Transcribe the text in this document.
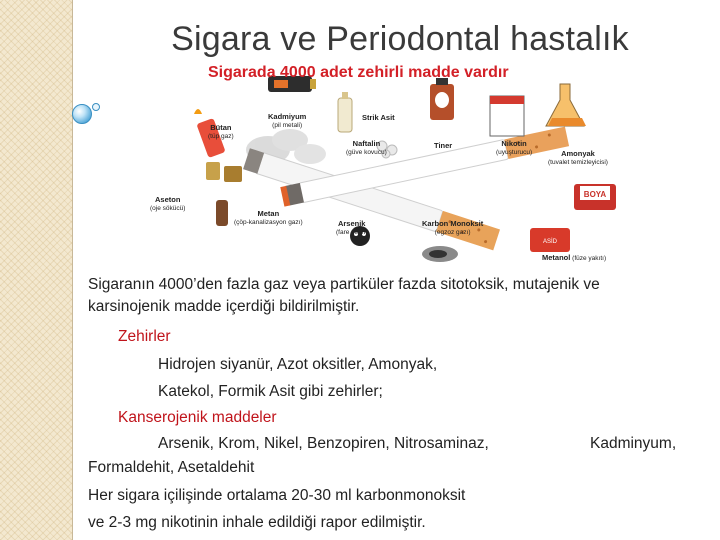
Sigara ve Periodontal hastalık
BOYA
ASİD
Sigarada 4000 adet zehirli madde vardır
Kadmiyum
(pil metali)
Bütan
(tüp gaz)
Strik Asit
Naftalin
(güve kovucu)
Tiner	Nikotin
(uyuşturucu)	Amonyak
(tuvalet temizleyicisi)
Aseton
(oje sökücü)
Metan
(çöp-kanalizasyon gazı)	Arsenik
(fare zehri)
Karbon Monoksit
(egzoz gazı)
Metanol (füze yakıtı)
Sigaranın 4000’den fazla gaz veya partiküler fazda sitotoksik, mutajenik ve
karsinojenik madde içerdiği bildirilmiştir.
Zehirler
Hidrojen siyanür, Azot oksitler, Amonyak,
Katekol, Formik Asit gibi zehirler;
Kanserojenik maddeler
Arsenik, Krom, Nikel, Benzopiren, Nitrosaminaz,	Kadminyum,
Formaldehit, Asetaldehit
Her sigara içilişinde ortalama 20-30 ml karbonmonoksit
ve 2-3 mg nikotinin inhale edildiği rapor edilmiştir.
